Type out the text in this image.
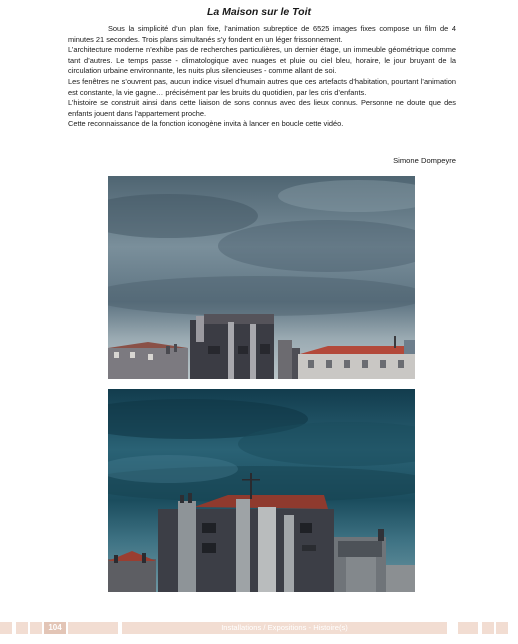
La Maison sur le Toit

Sous la simplicité d’un plan fixe, l’animation subreptice de 6525 images fixes compose un film de 4 minutes 21 secondes. Trois plans simultanés s’y fondent en un léger frissonnement.

L’architecture moderne n’exhibe pas de recherches particulières, un dernier étage, un immeuble géométrique comme tant d’autres. Le temps passe - climatologique avec nuages et pluie ou ciel bleu, horaire, le jour bruyant de la circulation urbaine environnante, les nuits plus silencieuses - comme allant de soi.

Les fenêtres ne s’ouvrent pas, aucun indice visuel d’humain autres que ces artefacts d’habitation, pourtant l’animation est constante, la vie gagne… précisément par les bruits du quotidien, par les cris d’enfants.

L’histoire se construit ainsi dans cette liaison de sons connus avec des lieux connus. Personne ne doute que des enfants jouent dans l’appartement proche.

Cette reconnaissance de la fonction iconogène invita à lancer en boucle cette vidéo.

Simone Dompeyre
104	Installations / Expositions - Histoire(s)
